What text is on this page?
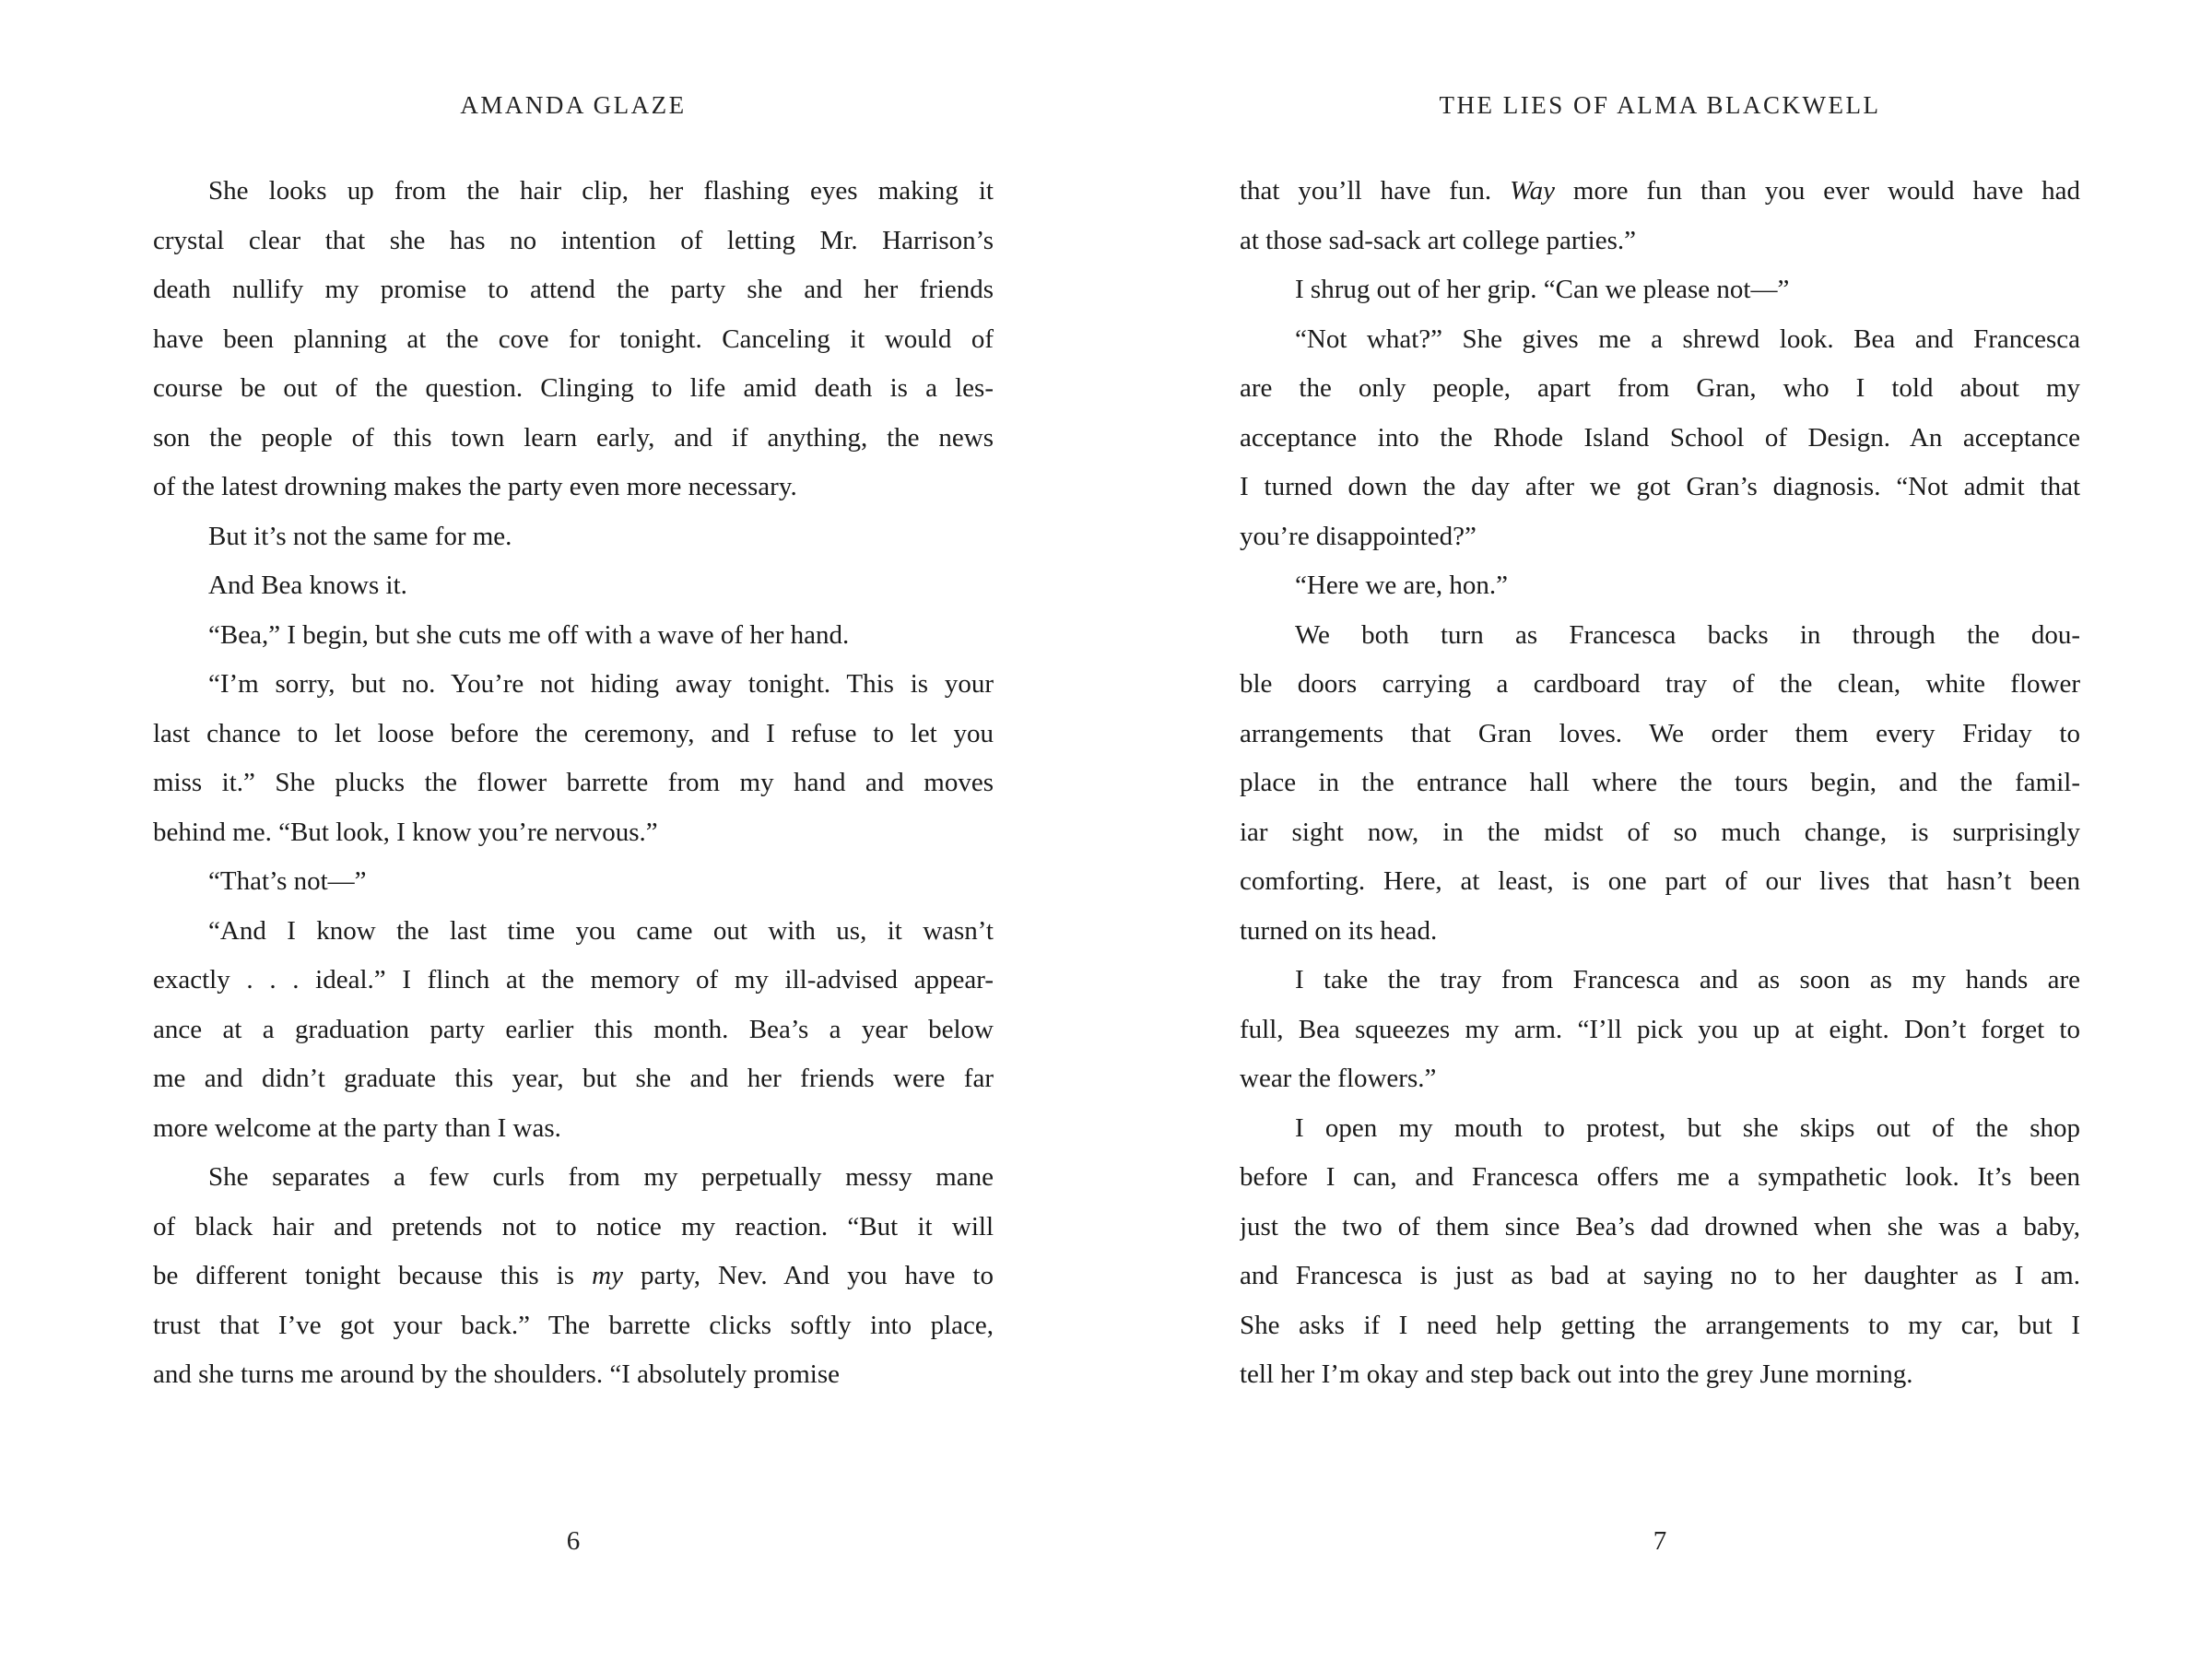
AMANDA GLAZE
She looks up from the hair clip, her flashing eyes making it
crystal clear that she has no intention of letting Mr. Harrison’s
death nullify my promise to attend the party she and her friends
have been planning at the cove for tonight. Canceling it would of
course be out of the question. Clinging to life amid death is a les-
son the people of this town learn early, and if anything, the news
of the latest drowning makes the party even more necessary.
But it’s not the same for me.
And Bea knows it.
“Bea,” I begin, but she cuts me off with a wave of her hand.
“I’m sorry, but no. You’re not hiding away tonight. This is your
last chance to let loose before the ceremony, and I refuse to let you
miss it.” She plucks the flower barrette from my hand and moves
behind me. “But look, I know you’re nervous.”
“That’s not—”
“And I know the last time you came out with us, it wasn’t
exactly . . . ideal.” I flinch at the memory of my ill-advised appear-
ance at a graduation party earlier this month. Bea’s a year below
me and didn’t graduate this year, but she and her friends were far
more welcome at the party than I was.
She separates a few curls from my perpetually messy mane
of black hair and pretends not to notice my reaction. “But it will
be different tonight because this is my party, Nev. And you have to
trust that I’ve got your back.” The barrette clicks softly into place,
and she turns me around by the shoulders. “I absolutely promise
6
THE LIES OF ALMA BLACKWELL
that you’ll have fun. Way more fun than you ever would have had
at those sad-sack art college parties.”
I shrug out of her grip. “Can we please not—”
“Not what?” She gives me a shrewd look. Bea and Francesca
are the only people, apart from Gran, who I told about my
acceptance into the Rhode Island School of Design. An acceptance
I turned down the day after we got Gran’s diagnosis. “Not admit that
you’re disappointed?”
“Here we are, hon.”
We both turn as Francesca backs in through the dou-
ble doors carrying a cardboard tray of the clean, white flower
arrangements that Gran loves. We order them every Friday to
place in the entrance hall where the tours begin, and the famil-
iar sight now, in the midst of so much change, is surprisingly
comforting. Here, at least, is one part of our lives that hasn’t been
turned on its head.
I take the tray from Francesca and as soon as my hands are
full, Bea squeezes my arm. “I’ll pick you up at eight. Don’t forget to
wear the flowers.”
I open my mouth to protest, but she skips out of the shop
before I can, and Francesca offers me a sympathetic look. It’s been
just the two of them since Bea’s dad drowned when she was a baby,
and Francesca is just as bad at saying no to her daughter as I am.
She asks if I need help getting the arrangements to my car, but I
tell her I’m okay and step back out into the grey June morning.
7
